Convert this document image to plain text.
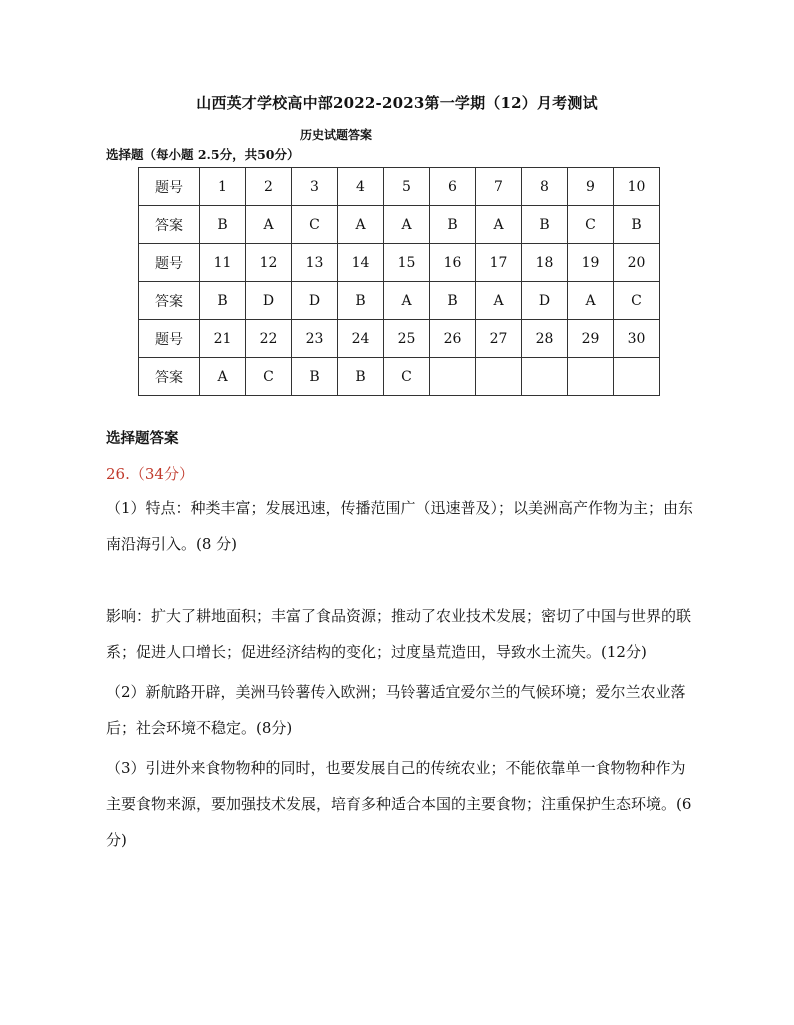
山西英才学校高中部2022-2023第一学期（12）月考测试
历史试题答案
选择题（每小题 2.5分，共50分）
题号	1	2	3	4	5	6	7	8	9	10
答案	B	A	C	A	A	B	A	B	C	B
题号	11	12	13	14	15	16	17	18	19	20
答案	B	D	D	B	A	B	A	D	A	C
题号	21	22	23	24	25	26	27	28	29	30
答案	A	C	B	B	C					
选择题答案
26.（34分）
（1）特点：种类丰富；发展迅速，传播范围广（迅速普及）；以美洲高产作物为主；由东南沿海引入。(8 分)
影响：扩大了耕地面积；丰富了食品资源；推动了农业技术发展；密切了中国与世界的联系；促进人口增长；促进经济结构的变化；过度垦荒造田，导致水土流失。(12分)
（2）新航路开辟，美洲马铃薯传入欧洲；马铃薯适宜爱尔兰的气候环境；爱尔兰农业落后；社会环境不稳定。(8分)
（3）引进外来食物物种的同时，也要发展自己的传统农业；不能依靠单一食物物种作为主要食物来源，要加强技术发展，培育多种适合本国的主要食物；注重保护生态环境。(6分)
